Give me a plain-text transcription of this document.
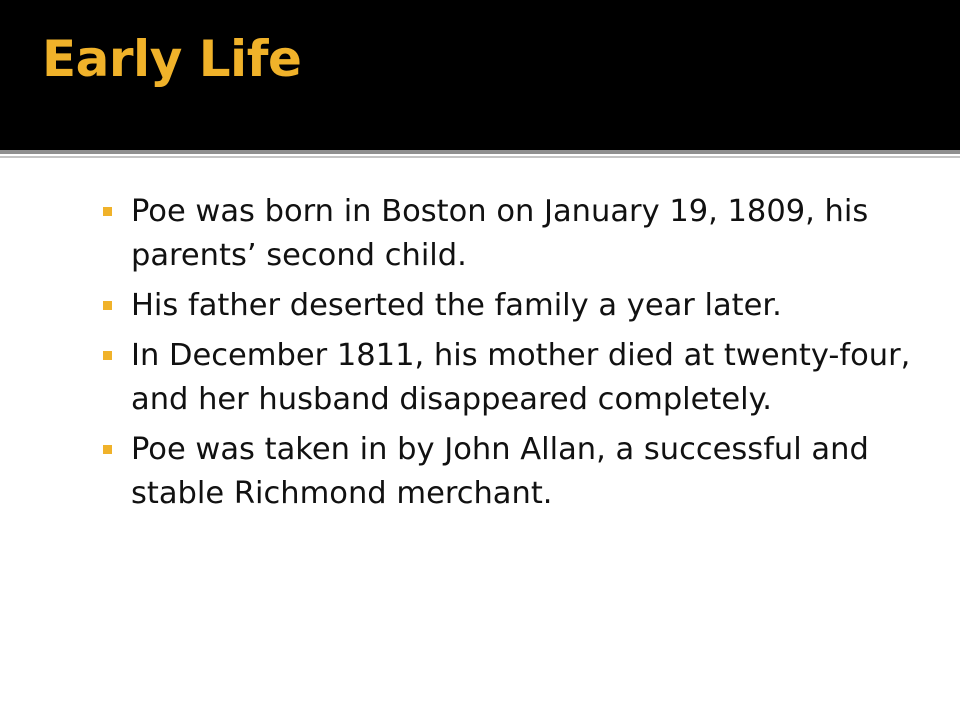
Early Life
Poe was born in Boston on January 19, 1809, his parents’ second child.
His father deserted the family a year later.
In December 1811, his mother died at twenty-four, and her husband disappeared completely.
Poe was taken in by John Allan, a successful and stable Richmond merchant.
